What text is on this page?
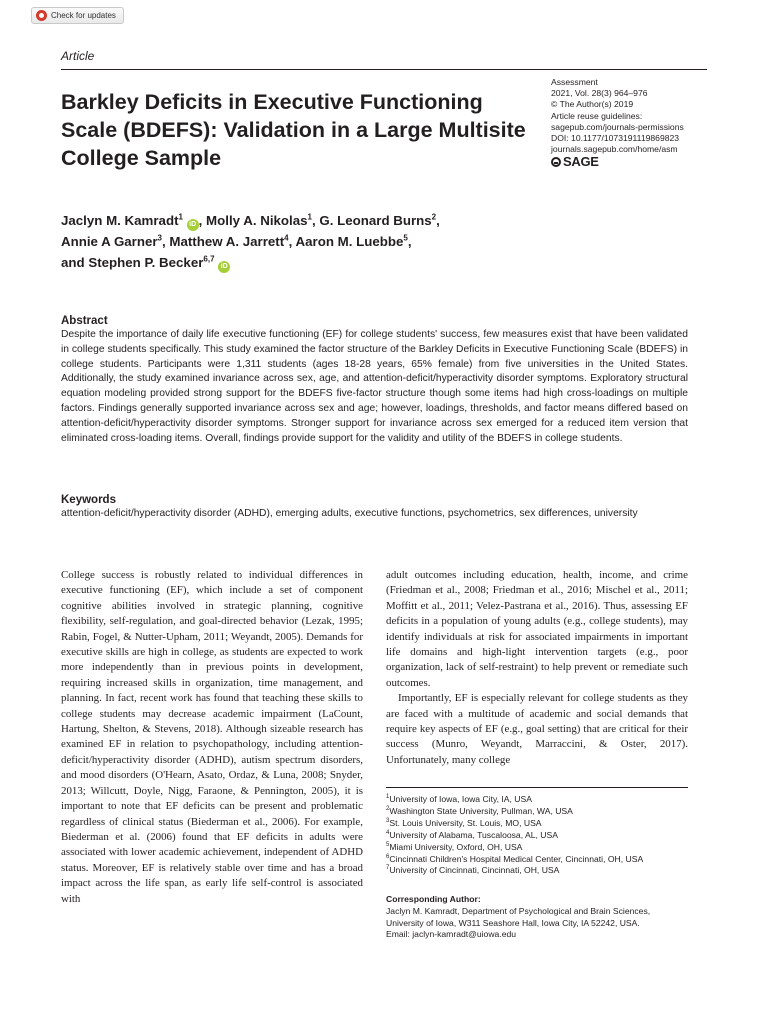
Check for updates
Article
Barkley Deficits in Executive Functioning Scale (BDEFS): Validation in a Large Multisite College Sample
Assessment
2021, Vol. 28(3) 964–976
© The Author(s) 2019
Article reuse guidelines:
sagepub.com/journals-permissions
DOI: 10.1177/1073191119869823
journals.sagepub.com/home/asm
SAGE
Jaclyn M. Kamradt$^1$ iD , Molly A. Nikolas$^1$, G. Leonard Burns$^2$,
Annie A Garner$^3$, Matthew A. Jarrett$^4$, Aaron M. Luebbe$^5$,
and Stephen P. Becker$^{6,7}$ iD
Abstract

Despite the importance of daily life executive functioning (EF) for college students' success, few measures exist that have been validated in college students specifically. This study examined the factor structure of the Barkley Deficits in Executive Functioning Scale (BDEFS) in college students. Participants were 1,311 students (ages 18-28 years, 65% female) from five universities in the United States. Additionally, the study examined invariance across sex, age, and attention-deficit/hyperactivity disorder symptoms. Exploratory structural equation modeling provided strong support for the BDEFS five-factor structure though some items had high cross-loadings on multiple factors. Findings generally supported invariance across sex and age; however, loadings, thresholds, and factor means differed based on attention-deficit/hyperactivity disorder symptoms. Stronger support for invariance across sex emerged for a reduced item version that eliminated cross-loading items. Overall, findings provide support for the validity and utility of the BDEFS in college students.

Keywords

attention-deficit/hyperactivity disorder (ADHD), emerging adults, executive functions, psychometrics, sex differences, university

College success is robustly related to individual differences in executive functioning (EF), which include a set of component cognitive abilities involved in strategic planning, cognitive flexibility, self-regulation, and goal-directed behavior (Lezak, 1995; Rabin, Fogel, & Nutter-Upham, 2011; Weyandt, 2005). Demands for executive skills are high in college, as students are expected to work more independently than in previous points in development, requiring increased skills in organization, time management, and planning. In fact, recent work has found that teaching these skills to college students may decrease academic impairment (LaCount, Hartung, Shelton, & Stevens, 2018). Although sizeable research has examined EF in relation to psychopathology, including attention-deficit/hyperactivity disorder (ADHD), autism spectrum disorders, and mood disorders (O'Hearn, Asato, Ordaz, & Luna, 2008; Snyder, 2013; Willcutt, Doyle, Nigg, Faraone, & Pennington, 2005), it is important to note that EF deficits can be present and problematic regardless of clinical status (Biederman et al., 2006). For example, Biederman et al. (2006) found that EF deficits in adults were associated with lower academic achievement, independent of ADHD status. Moreover, EF is relatively stable over time and has a broad impact across the life span, as early life self-control is associated with

adult outcomes including education, health, income, and crime (Friedman et al., 2008; Friedman et al., 2016; Mischel et al., 2011; Moffitt et al., 2011; Velez-Pastrana et al., 2016). Thus, assessing EF deficits in a population of young adults (e.g., college students), may identify individuals at risk for associated impairments in important life domains and high-light intervention targets (e.g., poor organization, lack of self-restraint) to help prevent or remediate such outcomes.

Importantly, EF is especially relevant for college students as they are faced with a multitude of academic and social demands that require key aspects of EF (e.g., goal setting) that are critical for their success (Munro, Weyandt, Marraccini, & Oster, 2017). Unfortunately, many college

$^1$University of Iowa, Iowa City, IA, USA
$^2$Washington State University, Pullman, WA, USA
$^3$St. Louis University, St. Louis, MO, USA
$^4$University of Alabama, Tuscaloosa, AL, USA
$^5$Miami University, Oxford, OH, USA
$^6$Cincinnati Children's Hospital Medical Center, Cincinnati, OH, USA
$^7$University of Cincinnati, Cincinnati, OH, USA
Corresponding Author:
Jaclyn M. Kamradt, Department of Psychological and Brain Sciences, University of Iowa, W311 Seashore Hall, Iowa City, IA 52242, USA.
Email: jaclyn-kamradt@uiowa.edu
